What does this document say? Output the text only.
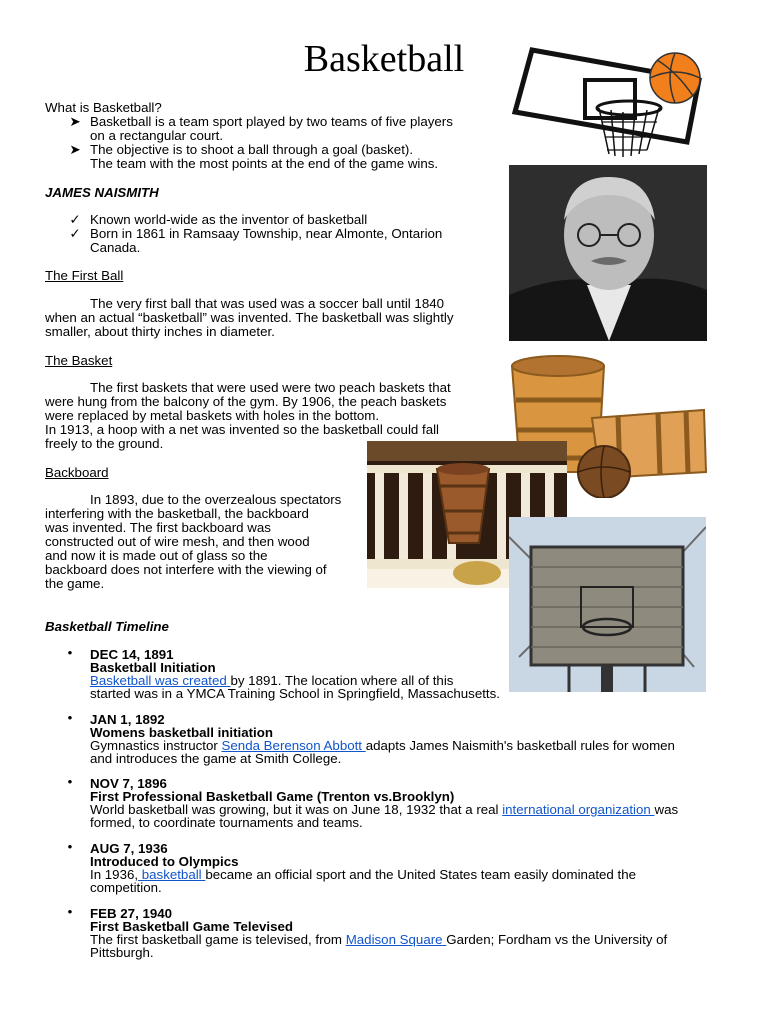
Basketball
What is Basketball?
➤ Basketball is a team sport played by two teams of five players
on a rectangular court.
➤ The objective is to shoot a ball through a goal (basket).
The team with the most points at the end of the game wins.
JAMES NAISMITH
✓ Known world-wide as the inventor of basketball
✓ Born in 1861 in Ramsaay Township, near Almonte, Ontarion
Canada.
The First Ball
The very first ball that was used was a soccer ball until 1840
when an actual “basketball” was invented. The basketball was slightly
smaller, about thirty inches in diameter.
The Basket
The first baskets that were used were two peach baskets that
were hung from the balcony of the gym. By 1906, the peach baskets
were replaced by metal baskets with holes in the bottom.
In 1913, a hoop with a net was invented so the basketball could fall
freely to the ground.
Backboard
In 1893, due to the overzealous spectators
interfering with the basketball, the backboard
was invented. The first backboard was
constructed out of wire mesh, and then wood
and now it is made out of glass so the
backboard does not interfere with the viewing of
the game.
Basketball Timeline
•	DEC 14, 1891
Basketball Initiation
Basketball was created by 1891. The location where all of this
started was in a YMCA Training School in Springfield, Massachusetts.
•	JAN 1, 1892
Womens basketball initiation
Gymnastics instructor Senda Berenson Abbott adapts James Naismith's basketball rules for women
and introduces the game at Smith College.
•	NOV 7, 1896
First Professional Basketball Game (Trenton vs.Brooklyn)
World basketball was growing, but it was on June 18, 1932 that a real international organization was
formed, to coordinate tournaments and teams.
•	AUG 7, 1936
Introduced to Olympics
In 1936, basketball became an official sport and the United States team easily dominated the
competition.
•	FEB 27, 1940
First Basketball Game Televised
The first basketball game is televised, from Madison Square Garden; Fordham vs the University of
Pittsburgh.
